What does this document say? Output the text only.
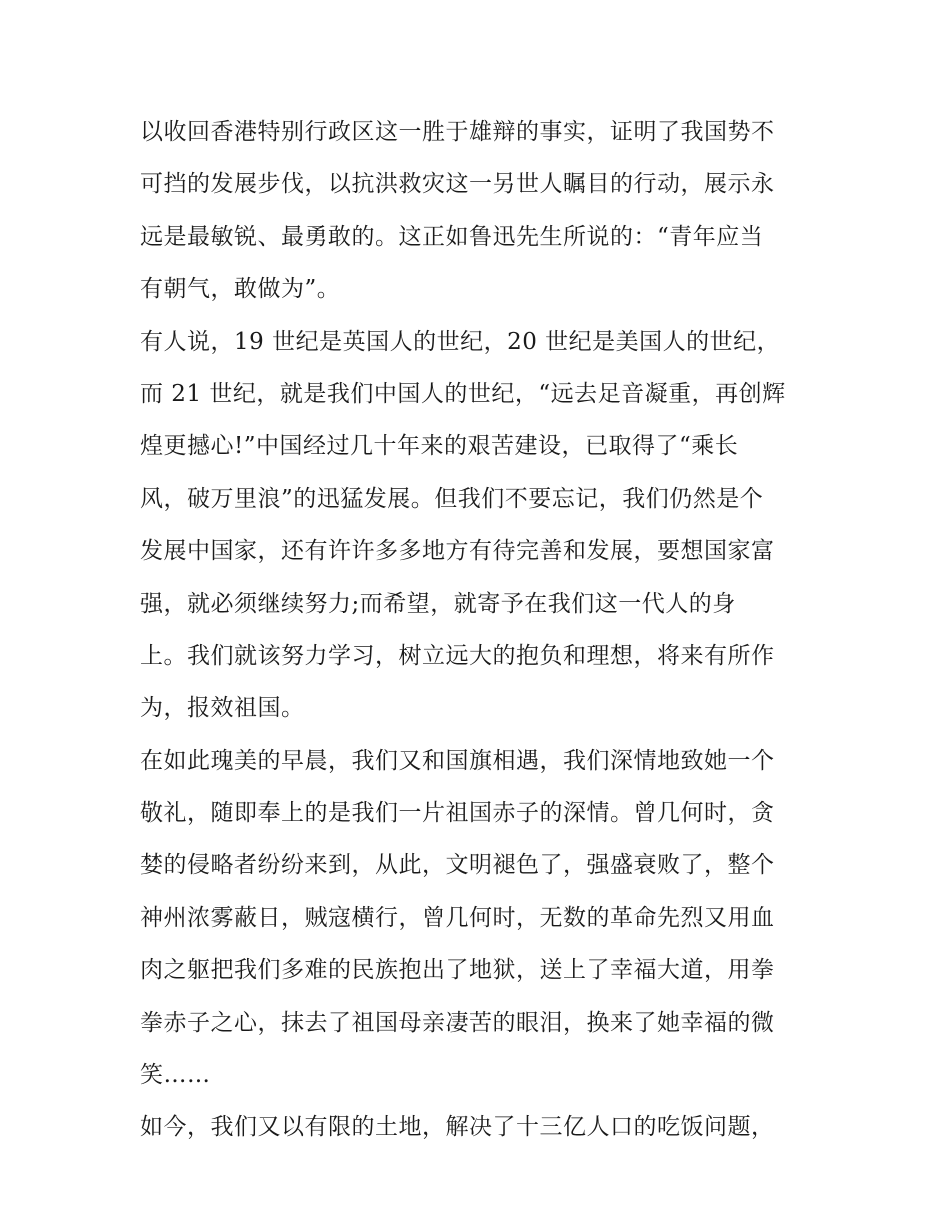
以收回香港特别行政区这一胜于雄辩的事实，证明了我国势不
可挡的发展步伐，以抗洪救灾这一另世人瞩目的行动，展示永
远是最敏锐、最勇敢的。这正如鲁迅先生所说的：“青年应当
有朝气，敢做为”。
有人说，19 世纪是英国人的世纪，20 世纪是美国人的世纪，
而 21 世纪，就是我们中国人的世纪，“远去足音凝重，再创辉
煌更撼心!”中国经过几十年来的艰苦建设，已取得了“乘长
风，破万里浪”的迅猛发展。但我们不要忘记，我们仍然是个
发展中国家，还有许许多多地方有待完善和发展，要想国家富
强，就必须继续努力;而希望，就寄予在我们这一代人的身
上。我们就该努力学习，树立远大的抱负和理想，将来有所作
为，报效祖国。
在如此瑰美的早晨，我们又和国旗相遇，我们深情地致她一个
敬礼，随即奉上的是我们一片祖国赤子的深情。曾几何时，贪
婪的侵略者纷纷来到，从此，文明褪色了，强盛衰败了，整个
神州浓雾蔽日，贼寇横行，曾几何时，无数的革命先烈又用血
肉之躯把我们多难的民族抱出了地狱，送上了幸福大道，用拳
拳赤子之心，抹去了祖国母亲凄苦的眼泪，换来了她幸福的微
笑……
如今，我们又以有限的土地，解决了十三亿人口的吃饭问题，
